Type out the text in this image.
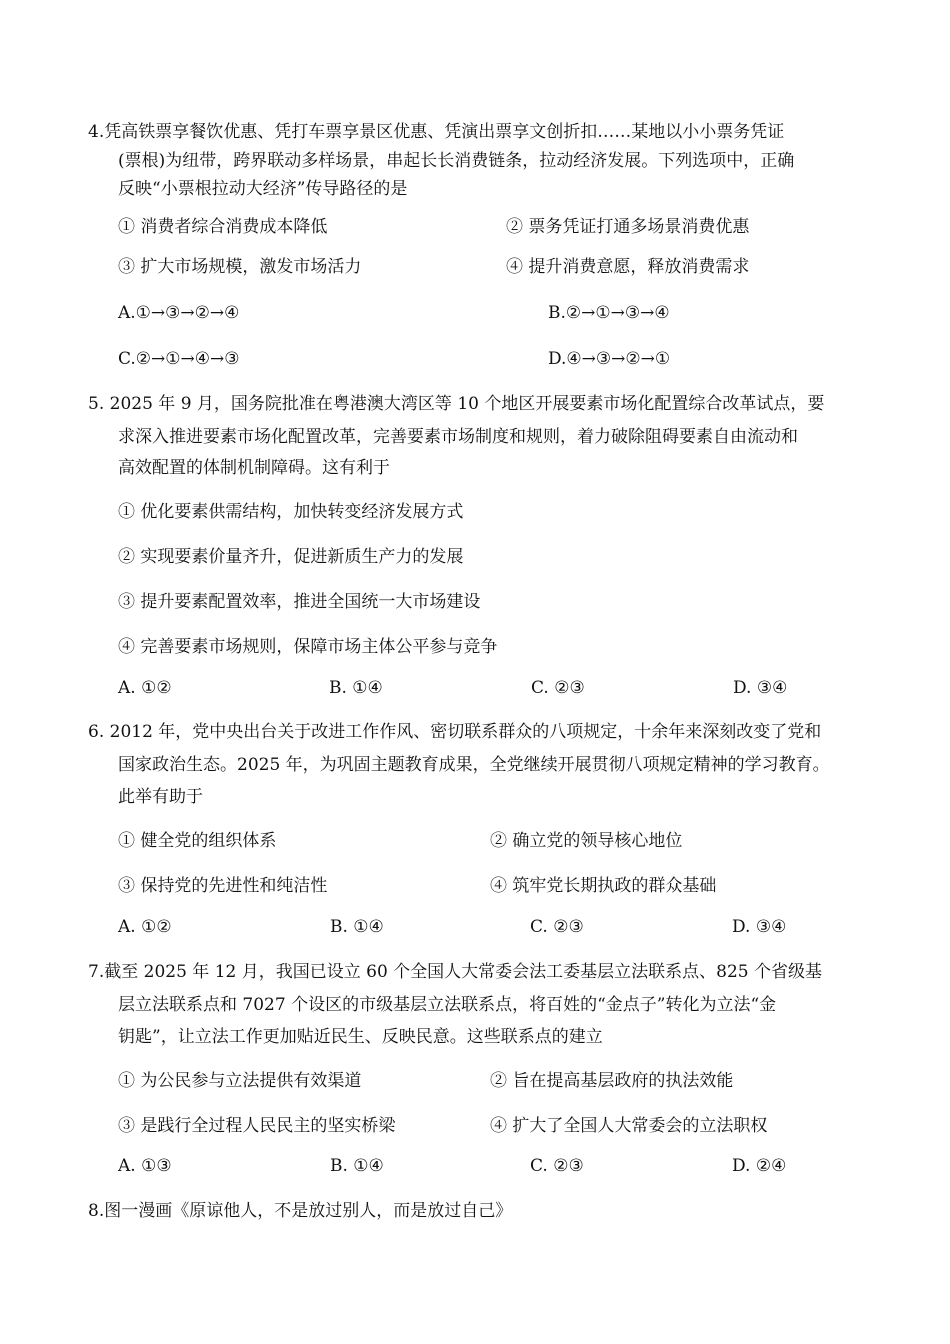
4.凭高铁票享餐饮优惠、凭打车票享景区优惠、凭演出票享文创折扣……某地以小小票务凭证
(票根)为纽带，跨界联动多样场景，串起长长消费链条，拉动经济发展。下列选项中，正确
反映“小票根拉动大经济”传导路径的是
① 消费者综合消费成本降低	② 票务凭证打通多场景消费优惠
③ 扩大市场规模，激发市场活力	④ 提升消费意愿，释放消费需求
A.①→③→②→④	B.②→①→③→④
C.②→①→④→③	D.④→③→②→①
5. 2025 年 9 月，国务院批准在粤港澳大湾区等 10 个地区开展要素市场化配置综合改革试点，要
求深入推进要素市场化配置改革，完善要素市场制度和规则，着力破除阻碍要素自由流动和
高效配置的体制机制障碍。这有利于
① 优化要素供需结构，加快转变经济发展方式
② 实现要素价量齐升，促进新质生产力的发展
③ 提升要素配置效率，推进全国统一大市场建设
④ 完善要素市场规则，保障市场主体公平参与竞争
A. ①②	B. ①④	C. ②③	D. ③④
6. 2012 年，党中央出台关于改进工作作风、密切联系群众的八项规定，十余年来深刻改变了党和
国家政治生态。2025 年，为巩固主题教育成果，全党继续开展贯彻八项规定精神的学习教育。
此举有助于
① 健全党的组织体系	② 确立党的领导核心地位
③ 保持党的先进性和纯洁性	④ 筑牢党长期执政的群众基础
A. ①②	B. ①④	C. ②③	D. ③④
7.截至 2025 年 12 月，我国已设立 60 个全国人大常委会法工委基层立法联系点、825 个省级基
层立法联系点和 7027 个设区的市级基层立法联系点，将百姓的“金点子”转化为立法“金
钥匙”，让立法工作更加贴近民生、反映民意。这些联系点的建立
① 为公民参与立法提供有效渠道	② 旨在提高基层政府的执法效能
③ 是践行全过程人民民主的坚实桥梁	④ 扩大了全国人大常委会的立法职权
A. ①③	B. ①④	C. ②③	D. ②④
8.图一漫画《原谅他人，不是放过别人，而是放过自己》
